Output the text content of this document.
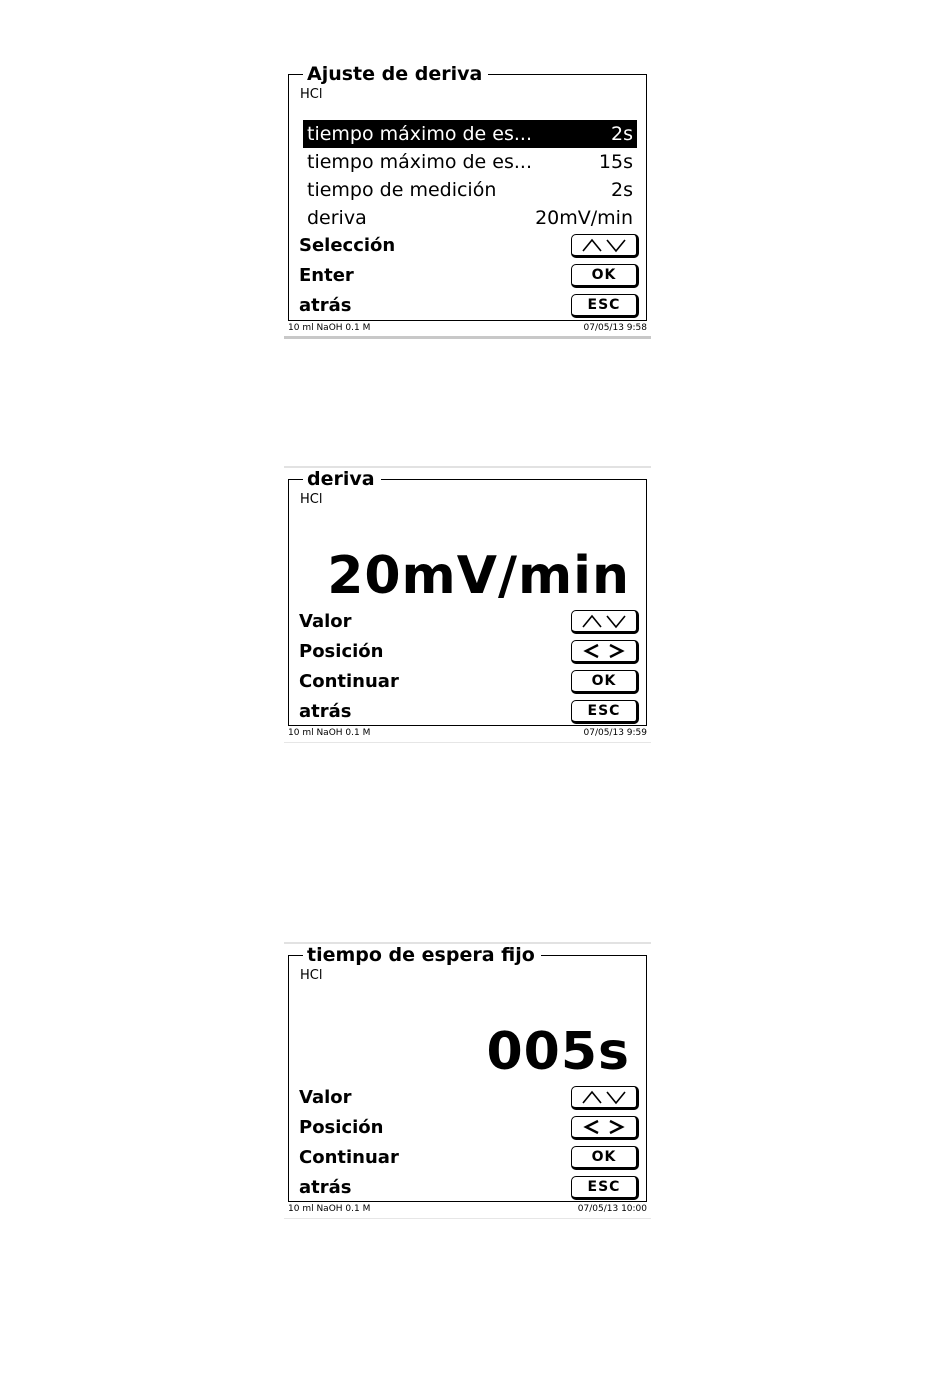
Ajuste de deriva
HCl
tiempo máximo de es...	2s
tiempo máximo de es...	15s
tiempo de medición	2s
deriva	20mV/min
Selección
Enter	OK
atrás	ESC
10 ml NaOH 0.1 M	07/05/13 9:58
deriva
HCl
20mV/min
Valor
Posición
Continuar	OK
atrás	ESC
10 ml NaOH 0.1 M	07/05/13 9:59
tiempo de espera fijo
HCl
005s
Valor
Posición
Continuar	OK
atrás	ESC
10 ml NaOH 0.1 M	07/05/13 10:00
